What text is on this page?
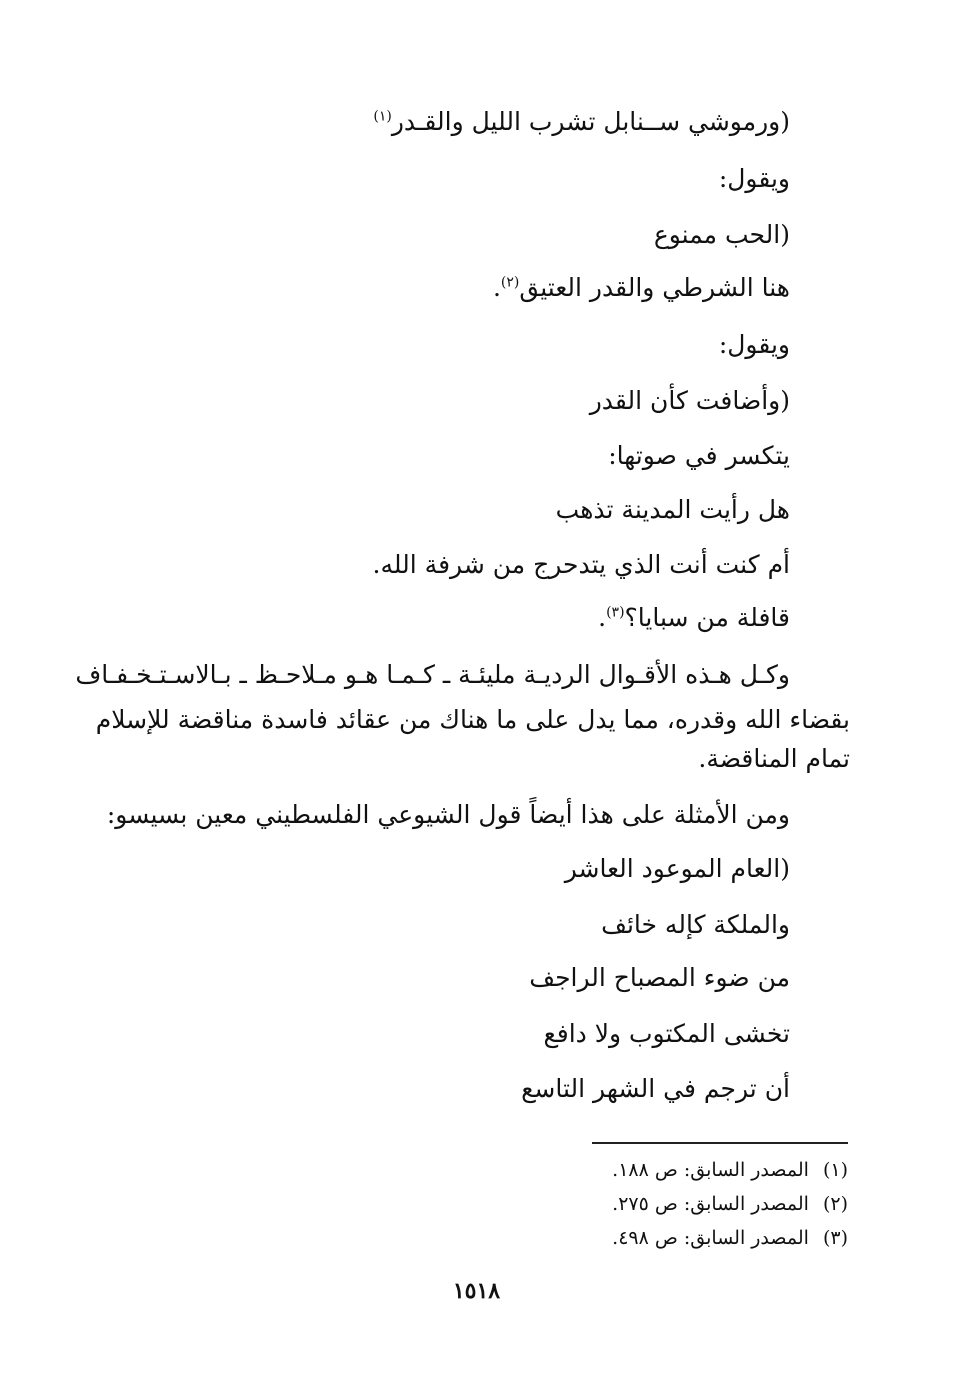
(ورموشي ســنابل تشرب الليل والقـدر$^{(١)}$
ويقول:
(الحب ممنوع
هنا الشرطي والقدر العتيق$^{(٢)}$.
ويقول:
(وأضافت كأن القدر
يتكسر في صوتها:
هل رأيت المدينة تذهب
أم كنت أنت الذي يتدحرج من شرفة الله.
قافلة من سبايا؟$^{(٣)}$.
وكـل هـذه الأقـوال الرديـة مليئـة ـ كـمـا هـو مـلاحـظ ـ بـالاسـتـخـفـاف
بقضاء الله وقدره، مما يدل على ما هناك من عقائد فاسدة مناقضة للإسلام
تمام المناقضة.
ومن الأمثلة على هذا أيضاً قول الشيوعي الفلسطيني معين بسيسو:
(العام الموعود العاشر
والملكة كإله خائف
من ضوء المصباح الراجف
تخشى المكتوب ولا دافع
أن ترجم في الشهر التاسع
(١)المصدر السابق: ص ١٨٨.
(٢)المصدر السابق: ص ٢٧٥.
(٣)المصدر السابق: ص ٤٩٨.
١٥١٨
